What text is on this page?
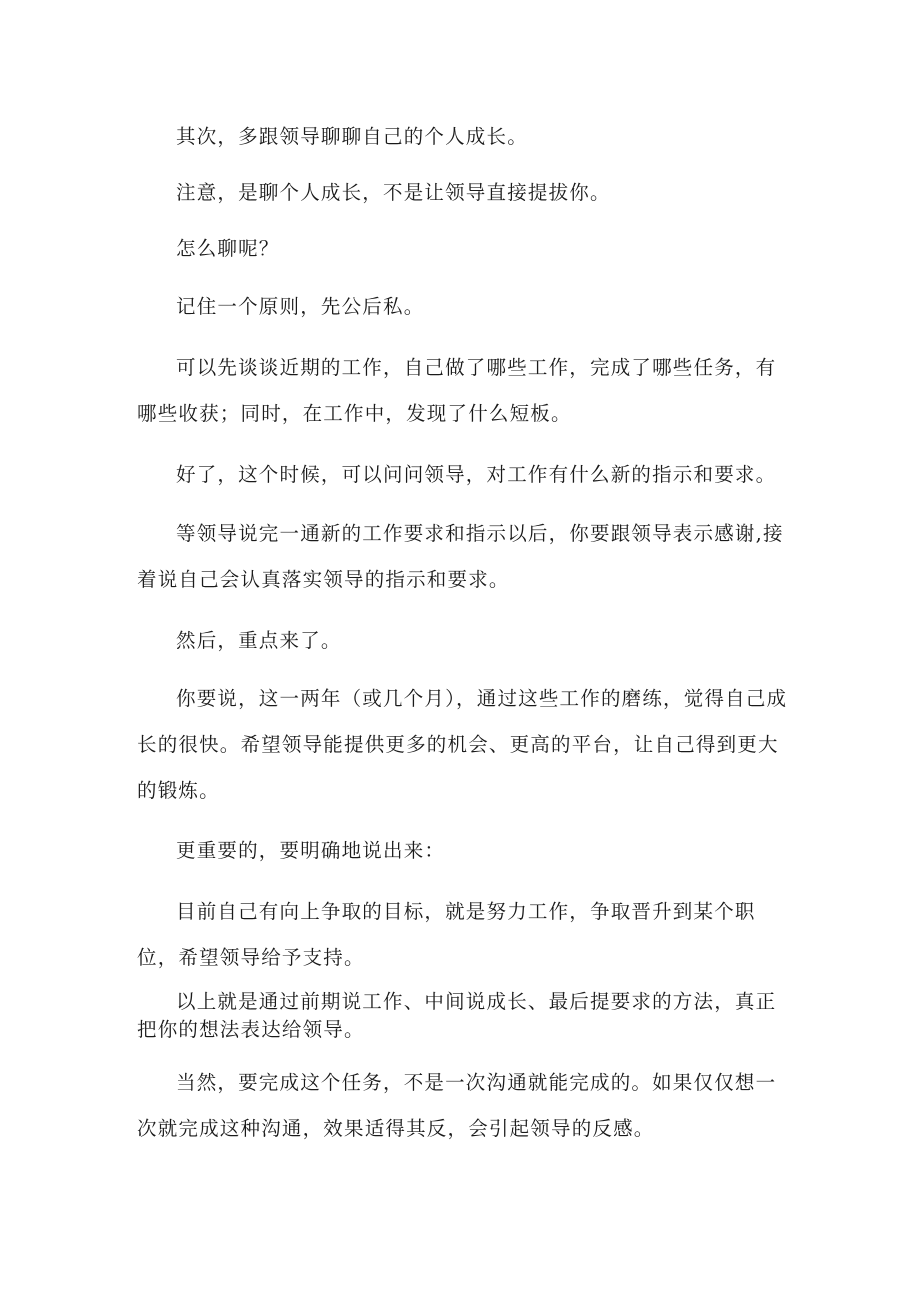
其次，多跟领导聊聊自己的个人成长。

注意，是聊个人成长，不是让领导直接提拔你。

怎么聊呢？

记住一个原则，先公后私。

可以先谈谈近期的工作，自己做了哪些工作，完成了哪些任务，有哪些收获；同时，在工作中，发现了什么短板。

好了，这个时候，可以问问领导，对工作有什么新的指示和要求。

等领导说完一通新的工作要求和指示以后，你要跟领导表示感谢,接着说自己会认真落实领导的指示和要求。

然后，重点来了。

你要说，这一两年（或几个月），通过这些工作的磨练，觉得自己成长的很快。希望领导能提供更多的机会、更高的平台，让自己得到更大的锻炼。

更重要的，要明确地说出来：

目前自己有向上争取的目标，就是努力工作，争取晋升到某个职位，希望领导给予支持。

以上就是通过前期说工作、中间说成长、最后提要求的方法，真正把你的想法表达给领导。

当然，要完成这个任务，不是一次沟通就能完成的。如果仅仅想一次就完成这种沟通，效果适得其反，会引起领导的反感。
